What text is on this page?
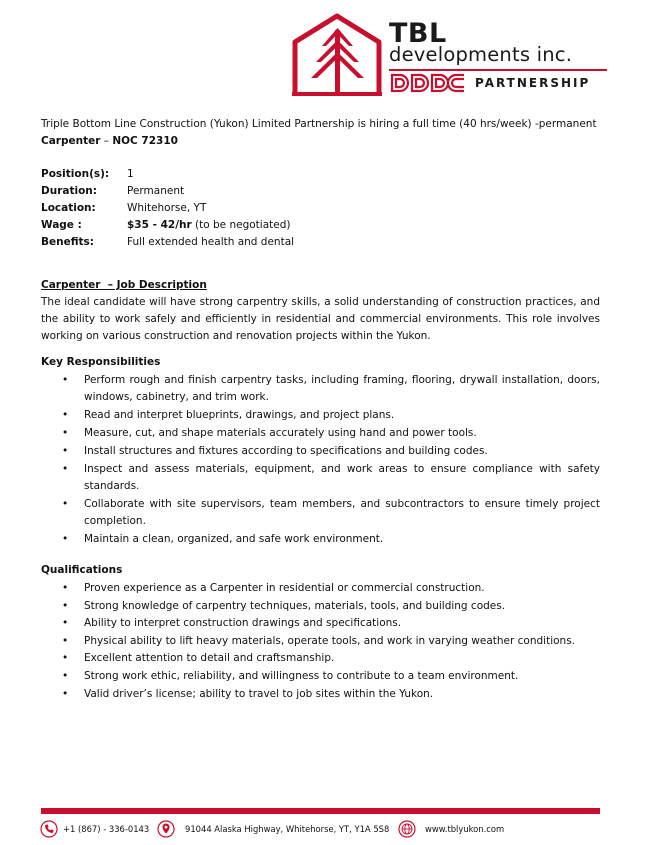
TBL
developments inc.
PARTNERSHIP

Triple Bottom Line Construction (Yukon) Limited Partnership is hiring a full time (40 hrs/week) -permanent

Carpenter – NOC 72310

Position(s): 1
Duration:	Permanent
Location:	Whitehorse, YT
Wage :	$35 - 42/hr (to be negotiated)
Benefits:	Full extended health and dental
Carpenter  – Job Description

The ideal candidate will have strong carpentry skills, a solid understanding of construction practices, and the ability to work safely and efficiently in residential and commercial environments. This role involves working on various construction and renovation projects within the Yukon.

Key Responsibilities
• Perform rough and finish carpentry tasks, including framing, flooring, drywall installation, doors, windows, cabinetry, and trim work.
• Read and interpret blueprints, drawings, and project plans.
• Measure, cut, and shape materials accurately using hand and power tools.
• Install structures and fixtures according to specifications and building codes.
• Inspect and assess materials, equipment, and work areas to ensure compliance with safety standards.
• Collaborate with site supervisors, team members, and subcontractors to ensure timely project completion.
• Maintain a clean, organized, and safe work environment.
Qualifications
• Proven experience as a Carpenter in residential or commercial construction.
• Strong knowledge of carpentry techniques, materials, tools, and building codes.
• Ability to interpret construction drawings and specifications.
• Physical ability to lift heavy materials, operate tools, and work in varying weather conditions.
• Excellent attention to detail and craftsmanship.
• Strong work ethic, reliability, and willingness to contribute to a team environment.
• Valid driver’s license; ability to travel to job sites within the Yukon.
+1 (867) - 336-0143	91044 Alaska Highway, Whitehorse, YT, Y1A 5S8	www.tblyukon.com
